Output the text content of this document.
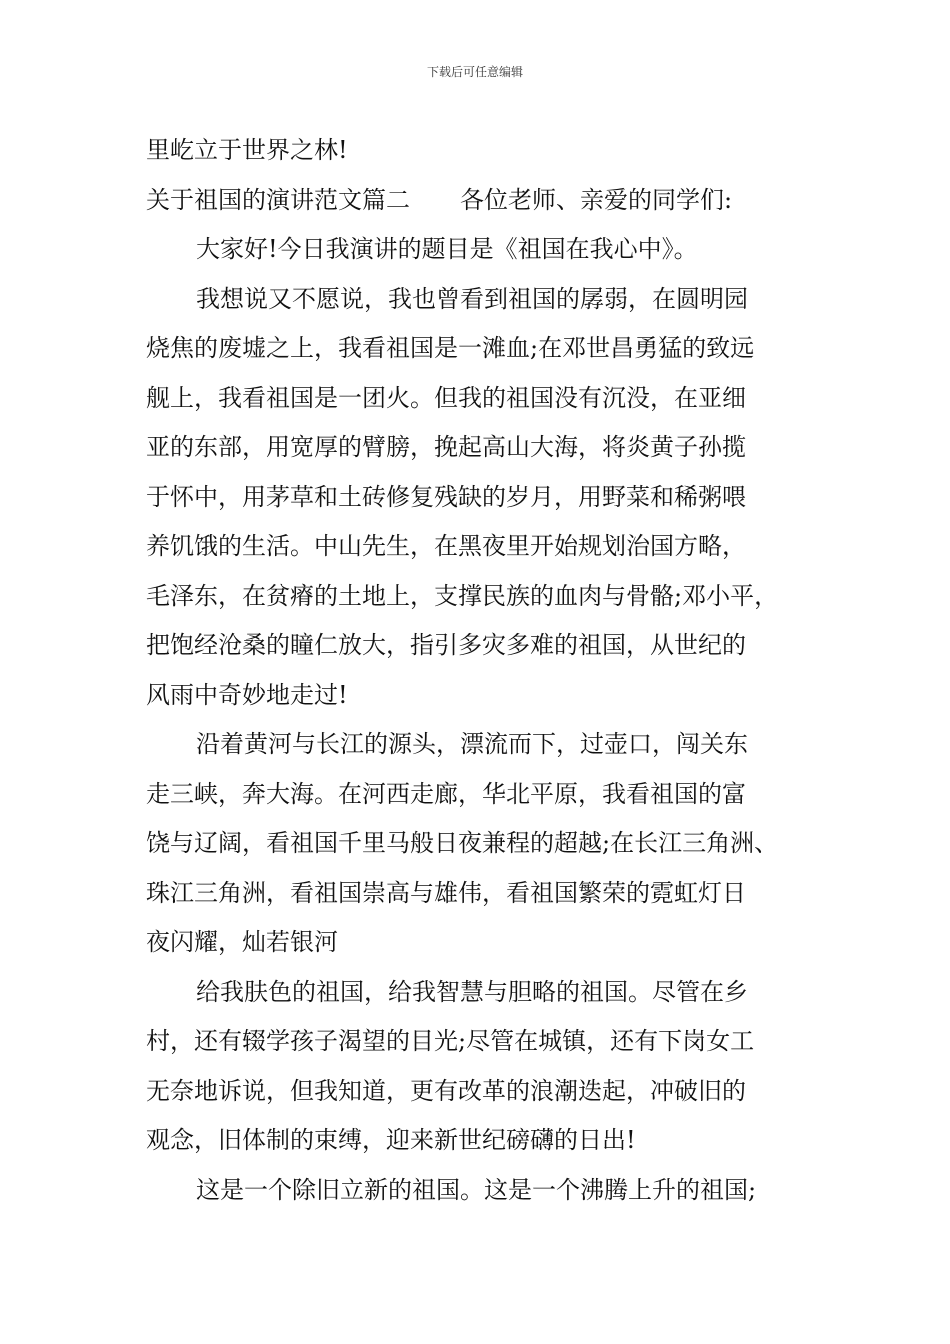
下载后可任意编辑
里屹立于世界之林!
关于祖国的演讲范文篇二 各位老师、亲爱的同学们:
大家好!今日我演讲的题目是《祖国在我心中》。
我想说又不愿说，我也曾看到祖国的孱弱，在圆明园
烧焦的废墟之上，我看祖国是一滩血;在邓世昌勇猛的致远
舰上，我看祖国是一团火。但我的祖国没有沉没，在亚细
亚的东部，用宽厚的臂膀，挽起高山大海，将炎黄子孙揽
于怀中，用茅草和土砖修复残缺的岁月，用野菜和稀粥喂
养饥饿的生活。中山先生，在黑夜里开始规划治国方略，
毛泽东，在贫瘠的土地上，支撑民族的血肉与骨骼;邓小平，
把饱经沧桑的瞳仁放大，指引多灾多难的祖国，从世纪的
风雨中奇妙地走过!
沿着黄河与长江的源头，漂流而下，过壶口，闯关东
走三峡，奔大海。在河西走廊，华北平原，我看祖国的富
饶与辽阔，看祖国千里马般日夜兼程的超越;在长江三角洲、
珠江三角洲，看祖国崇高与雄伟，看祖国繁荣的霓虹灯日
夜闪耀，灿若银河
给我肤色的祖国，给我智慧与胆略的祖国。尽管在乡
村，还有辍学孩子渴望的目光;尽管在城镇，还有下岗女工
无奈地诉说，但我知道，更有改革的浪潮迭起，冲破旧的
观念，旧体制的束缚，迎来新世纪磅礴的日出!
这是一个除旧立新的祖国。这是一个沸腾上升的祖国;
